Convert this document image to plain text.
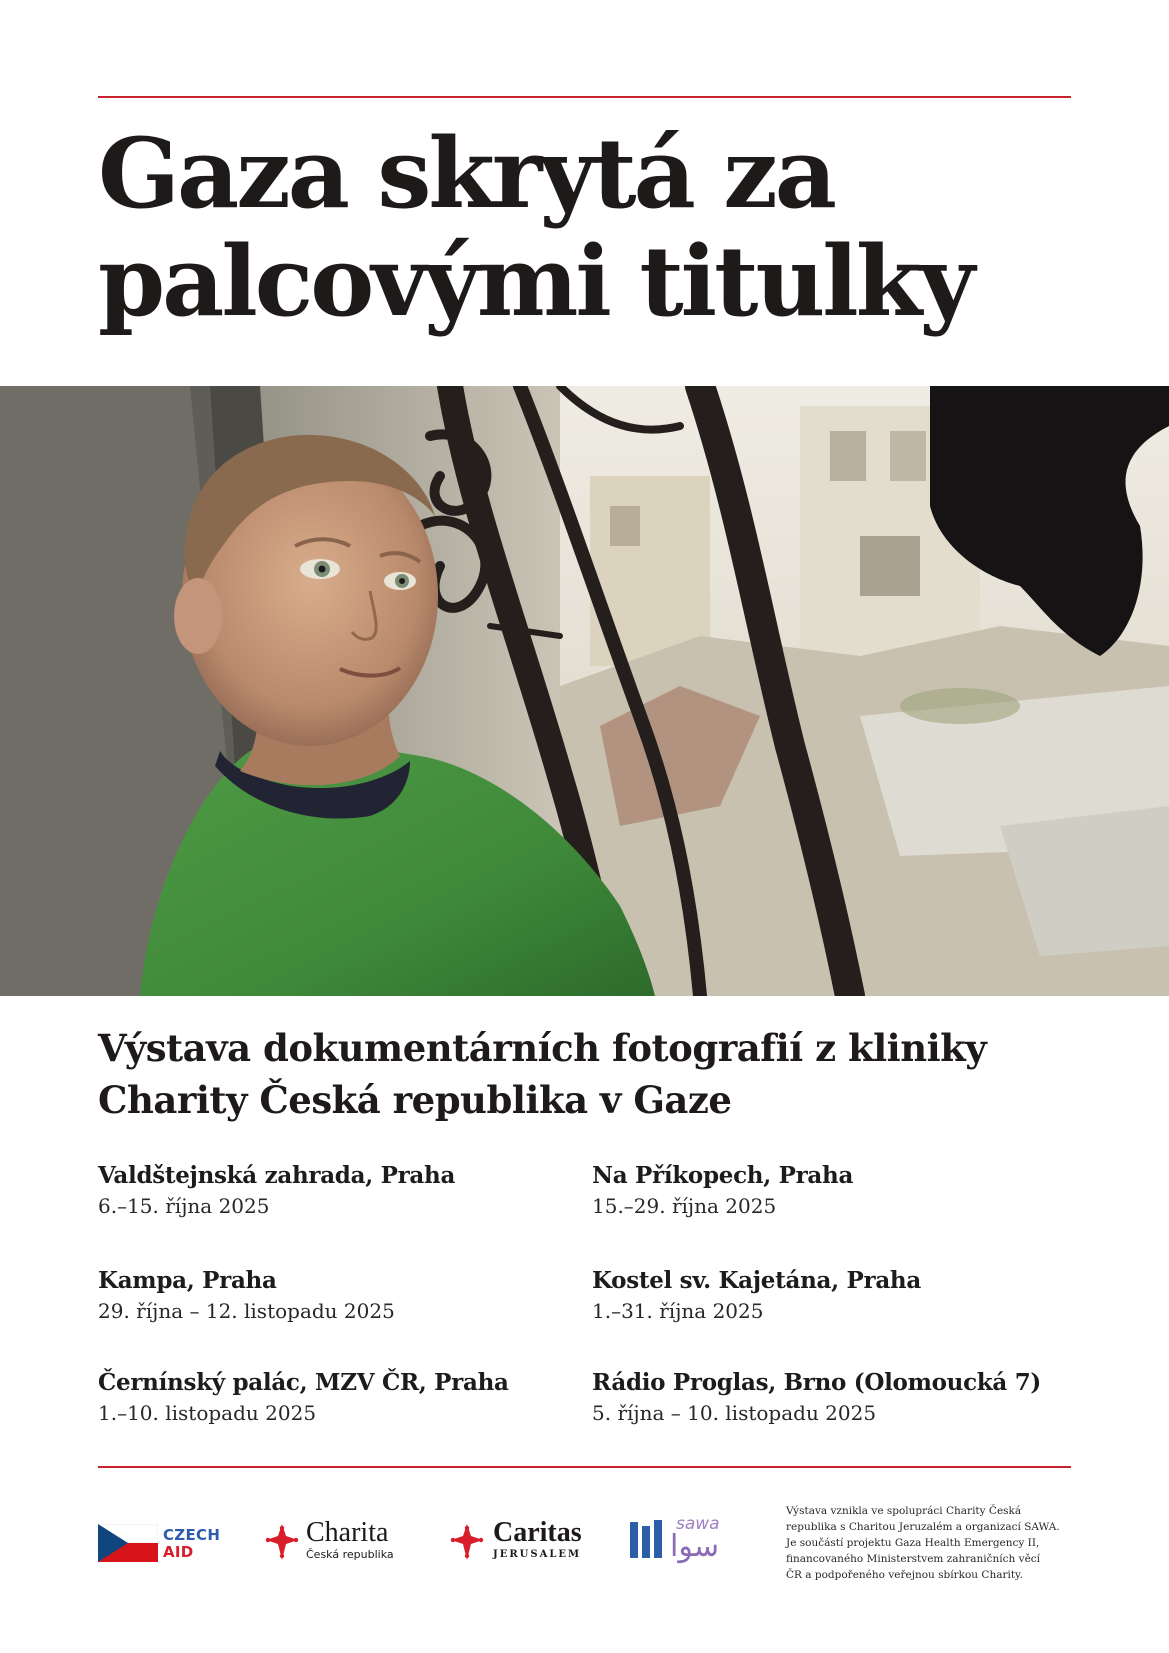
Gaza skrytá za
palcovými titulky
Výstava dokumentárních fotografií z kliniky
Charity Česká republika v Gaze
Valdštejnská zahrada, Praha
6.–15. října 2025
Na Příkopech, Praha
15.–29. října 2025
Kampa, Praha
29. října – 12. listopadu 2025
Kostel sv. Kajetána, Praha
1.–31. října 2025
Černínský palác, MZV ČR, Praha
1.–10. listopadu 2025
Rádio Proglas, Brno (Olomoucká 7)
5. října – 10. listopadu 2025
CZECH
AID
Charita
Česká republika
Caritas
JERUSALEM
sawa
سوا
Výstava vznikla ve spolupráci Charity Česká
republika s Charitou Jeruzalém a organizací SAWA.
Je součástí projektu Gaza Health Emergency II,
financovaného Ministerstvem zahraničních věcí
ČR a podpořeného veřejnou sbírkou Charity.
